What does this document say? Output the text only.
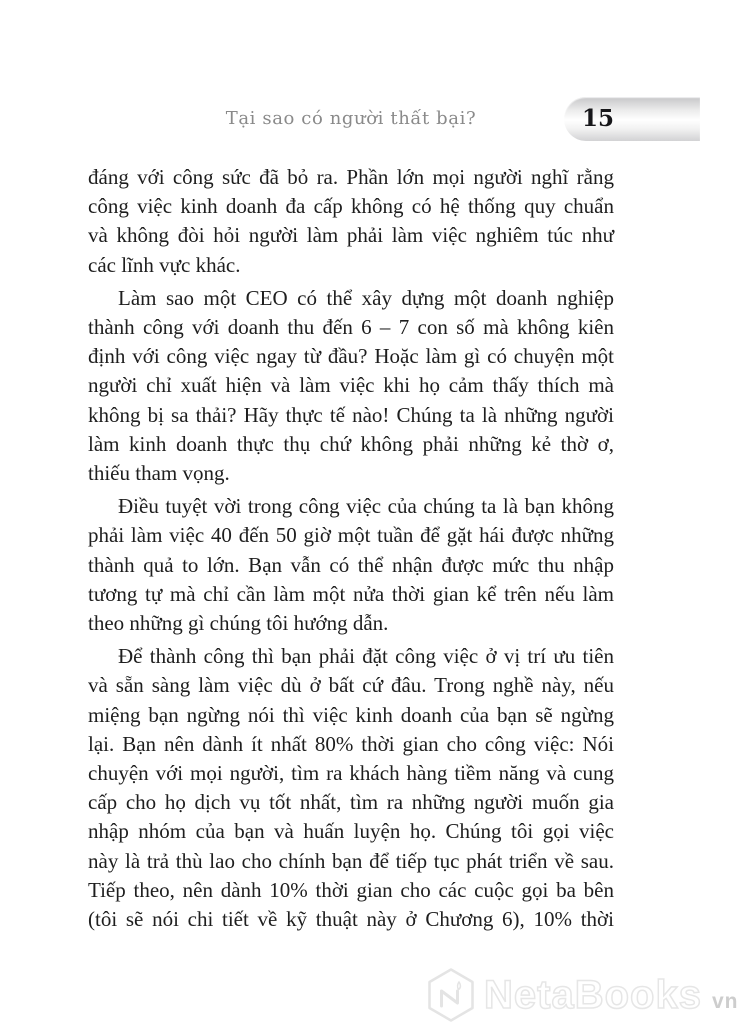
Tại sao có người thất bại?	15
đáng với công sức đã bỏ ra. Phần lớn mọi người nghĩ rằng
công việc kinh doanh đa cấp không có hệ thống quy chuẩn
và không đòi hỏi người làm phải làm việc nghiêm túc như
các lĩnh vực khác.
Làm sao một CEO có thể xây dựng một doanh nghiệp
thành công với doanh thu đến 6 – 7 con số mà không kiên
định với công việc ngay từ đầu? Hoặc làm gì có chuyện một
người chỉ xuất hiện và làm việc khi họ cảm thấy thích mà
không bị sa thải? Hãy thực tế nào! Chúng ta là những người
làm kinh doanh thực thụ chứ không phải những kẻ thờ ơ,
thiếu tham vọng.
Điều tuyệt vời trong công việc của chúng ta là bạn không
phải làm việc 40 đến 50 giờ một tuần để gặt hái được những
thành quả to lớn. Bạn vẫn có thể nhận được mức thu nhập
tương tự mà chỉ cần làm một nửa thời gian kể trên nếu làm
theo những gì chúng tôi hướng dẫn.
Để thành công thì bạn phải đặt công việc ở vị trí ưu tiên
và sẵn sàng làm việc dù ở bất cứ đâu. Trong nghề này, nếu
miệng bạn ngừng nói thì việc kinh doanh của bạn sẽ ngừng
lại. Bạn nên dành ít nhất 80% thời gian cho công việc: Nói
chuyện với mọi người, tìm ra khách hàng tiềm năng và cung
cấp cho họ dịch vụ tốt nhất, tìm ra những người muốn gia
nhập nhóm của bạn và huấn luyện họ. Chúng tôi gọi việc
này là trả thù lao cho chính bạn để tiếp tục phát triển về sau.
Tiếp theo, nên dành 10% thời gian cho các cuộc gọi ba bên
(tôi sẽ nói chi tiết về kỹ thuật này ở Chương 6), 10% thời
NetaBooks vn
